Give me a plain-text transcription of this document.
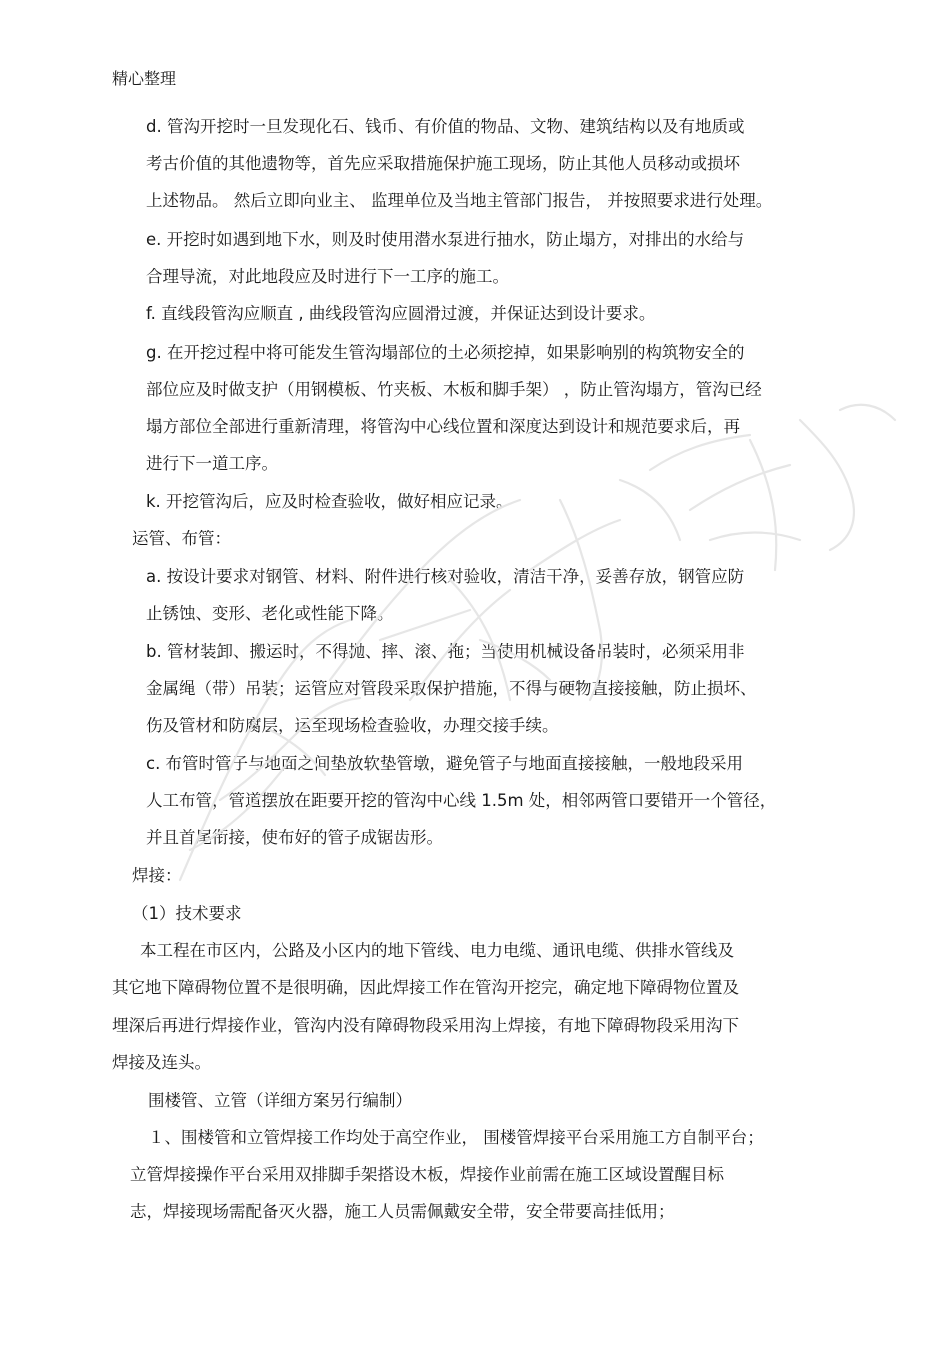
精心整理

d. 管沟开挖时一旦发现化石、钱币、有价值的物品、文物、建筑结构以及有地质或

考古价值的其他遗物等，首先应采取措施保护施工现场，防止其他人员移动或损坏

上述物品。 然后立即向业主、 监理单位及当地主管部门报告， 并按照要求进行处理。

e. 开挖时如遇到地下水，则及时使用潜水泵进行抽水，防止塌方，对排出的水给与

合理导流，对此地段应及时进行下一工序的施工。

f. 直线段管沟应顺直 , 曲线段管沟应圆滑过渡，并保证达到设计要求。

g. 在开挖过程中将可能发生管沟塌部位的土必须挖掉，如果影响别的构筑物安全的

部位应及时做支护（用钢模板、竹夹板、木板和脚手架） ，防止管沟塌方，管沟已经

塌方部位全部进行重新清理，将管沟中心线位置和深度达到设计和规范要求后，再

进行下一道工序。

k. 开挖管沟后，应及时检查验收，做好相应记录。

运管、布管：

a. 按设计要求对钢管、材料、附件进行核对验收，清洁干净，妥善存放，钢管应防

止锈蚀、变形、老化或性能下降。

b. 管材装卸、搬运时，不得抛、摔、滚、拖；当使用机械设备吊装时，必须采用非

金属绳（带）吊装；运管应对管段采取保护措施，不得与硬物直接接触，防止损坏、

伤及管材和防腐层，运至现场检查验收，办理交接手续。

c. 布管时管子与地面之间垫放软垫管墩，避免管子与地面直接接触，一般地段采用

人工布管，管道摆放在距要开挖的管沟中心线 1.5m 处，相邻两管口要错开一个管径，

并且首尾衔接，使布好的管子成锯齿形。

焊接：

（1）技术要求

本工程在市区内，公路及小区内的地下管线、电力电缆、通讯电缆、供排水管线及

其它地下障碍物位置不是很明确，因此焊接工作在管沟开挖完，确定地下障碍物位置及

埋深后再进行焊接作业，管沟内没有障碍物段采用沟上焊接，有地下障碍物段采用沟下

焊接及连头。

围楼管、立管（详细方案另行编制）

１、围楼管和立管焊接工作均处于高空作业， 围楼管焊接平台采用施工方自制平台；

立管焊接操作平台采用双排脚手架搭设木板，焊接作业前需在施工区域设置醒目标

志，焊接现场需配备灭火器，施工人员需佩戴安全带，安全带要高挂低用；
